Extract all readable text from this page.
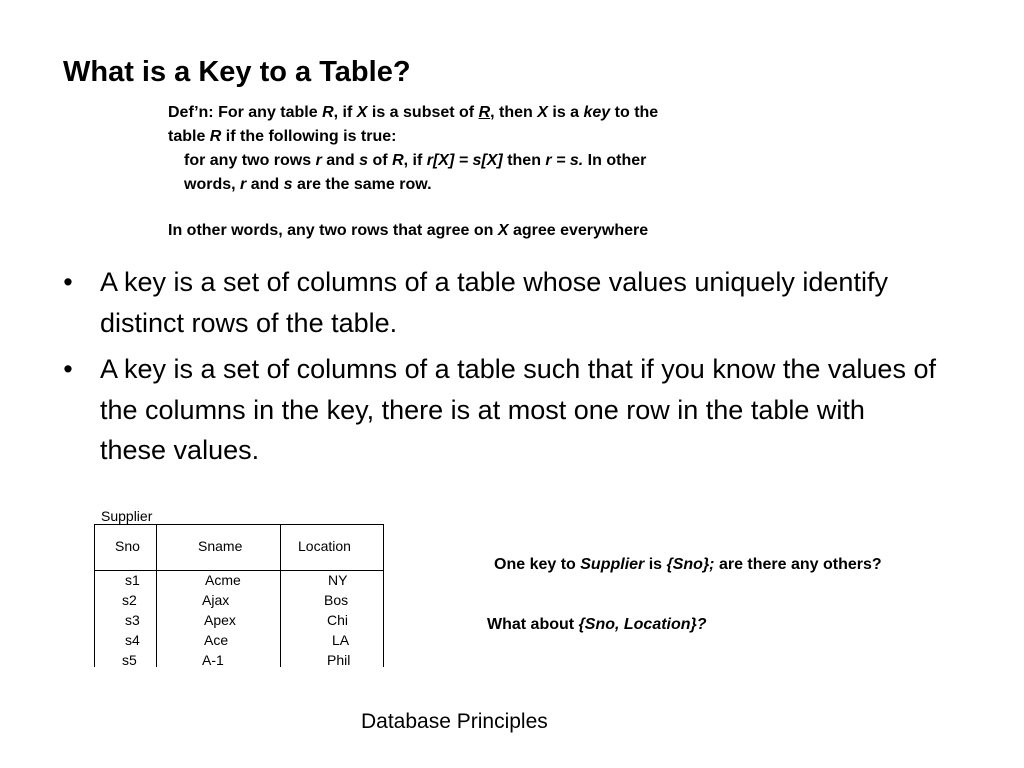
What is a Key to a Table?
Def’n: For any table R, if X is a subset of R, then X is a key to the
table R if the following is true:
for any two rows r and s of R, if r[X] = s[X] then r = s. In other
words, r and s are the same row.
In other words, any two rows that agree on X agree everywhere
• A key is a set of columns of a table whose values uniquely identify distinct rows of the table.
• A key is a set of columns of a table such that if you know the values of the columns in the key, there is at most one row in the table with these values.
Supplier
Sno	Sname	Location
s1	Acme	NY
s2	Ajax	Bos
s3	Apex	Chi
s4	Ace	LA
s5	A-1	Phil
One key to Supplier is {Sno}; are there any others?
What about {Sno, Location}?
Database Principles
